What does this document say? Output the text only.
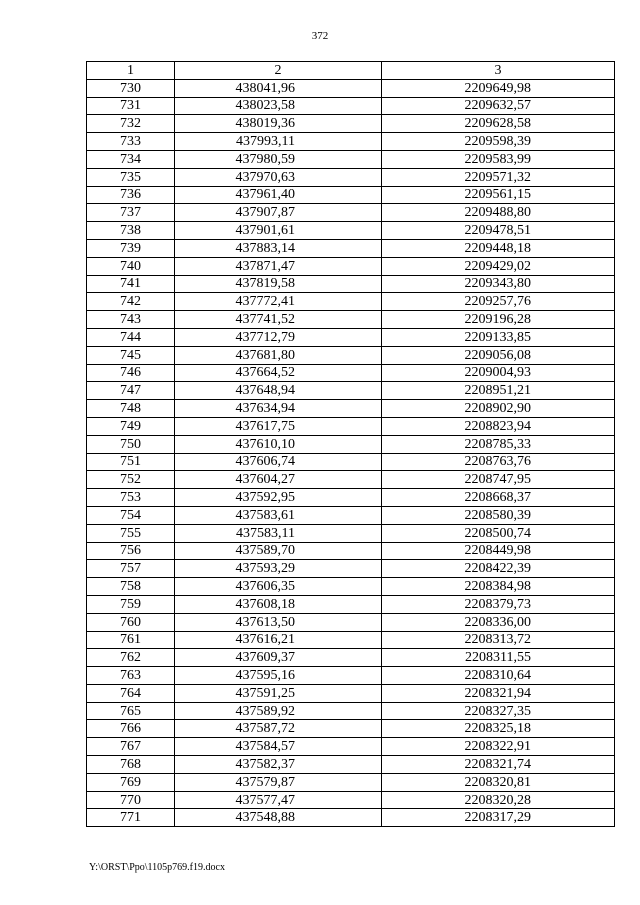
372
1	2	3
730	438041,96	2209649,98
731	438023,58	2209632,57
732	438019,36	2209628,58
733	437993,11	2209598,39
734	437980,59	2209583,99
735	437970,63	2209571,32
736	437961,40	2209561,15
737	437907,87	2209488,80
738	437901,61	2209478,51
739	437883,14	2209448,18
740	437871,47	2209429,02
741	437819,58	2209343,80
742	437772,41	2209257,76
743	437741,52	2209196,28
744	437712,79	2209133,85
745	437681,80	2209056,08
746	437664,52	2209004,93
747	437648,94	2208951,21
748	437634,94	2208902,90
749	437617,75	2208823,94
750	437610,10	2208785,33
751	437606,74	2208763,76
752	437604,27	2208747,95
753	437592,95	2208668,37
754	437583,61	2208580,39
755	437583,11	2208500,74
756	437589,70	2208449,98
757	437593,29	2208422,39
758	437606,35	2208384,98
759	437608,18	2208379,73
760	437613,50	2208336,00
761	437616,21	2208313,72
762	437609,37	2208311,55
763	437595,16	2208310,64
764	437591,25	2208321,94
765	437589,92	2208327,35
766	437587,72	2208325,18
767	437584,57	2208322,91
768	437582,37	2208321,74
769	437579,87	2208320,81
770	437577,47	2208320,28
771	437548,88	2208317,29
Y:\ORST\Ppo\1105p769.f19.docx
